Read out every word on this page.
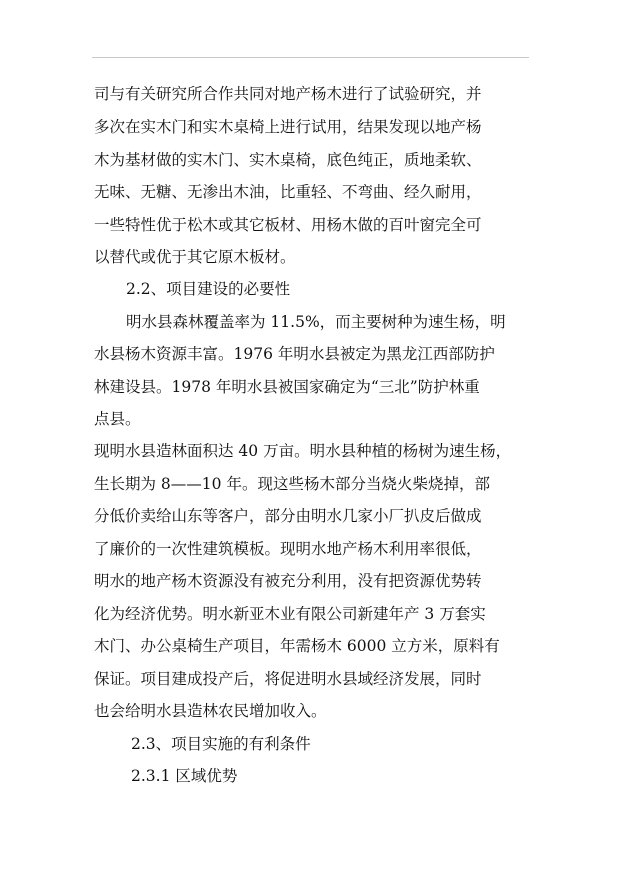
司与有关研究所合作共同对地产杨木进行了试验研究，并
多次在实木门和实木桌椅上进行试用，结果发现以地产杨
木为基材做的实木门、实木桌椅，底色纯正，质地柔软、
无味、无糖、无渗出木油，比重轻、不弯曲、经久耐用，
一些特性优于松木或其它板材、用杨木做的百叶窗完全可
以替代或优于其它原木板材。
2.2、项目建设的必要性
明水县森林覆盖率为 11.5%，而主要树种为速生杨，明
水县杨木资源丰富。1976 年明水县被定为黑龙江西部防护
林建设县。1978 年明水县被国家确定为“三北”防护林重
点县。
现明水县造林面积达 40 万亩。明水县种植的杨树为速生杨，
生长期为 8——10 年。现这些杨木部分当烧火柴烧掉，部
分低价卖给山东等客户，部分由明水几家小厂扒皮后做成
了廉价的一次性建筑模板。现明水地产杨木利用率很低，
明水的地产杨木资源没有被充分利用，没有把资源优势转
化为经济优势。明水新亚木业有限公司新建年产 3 万套实
木门、办公桌椅生产项目，年需杨木 6000 立方米，原料有
保证。项目建成投产后，将促进明水县域经济发展，同时
也会给明水县造林农民增加收入。
2.3、项目实施的有利条件
2.3.1 区域优势
